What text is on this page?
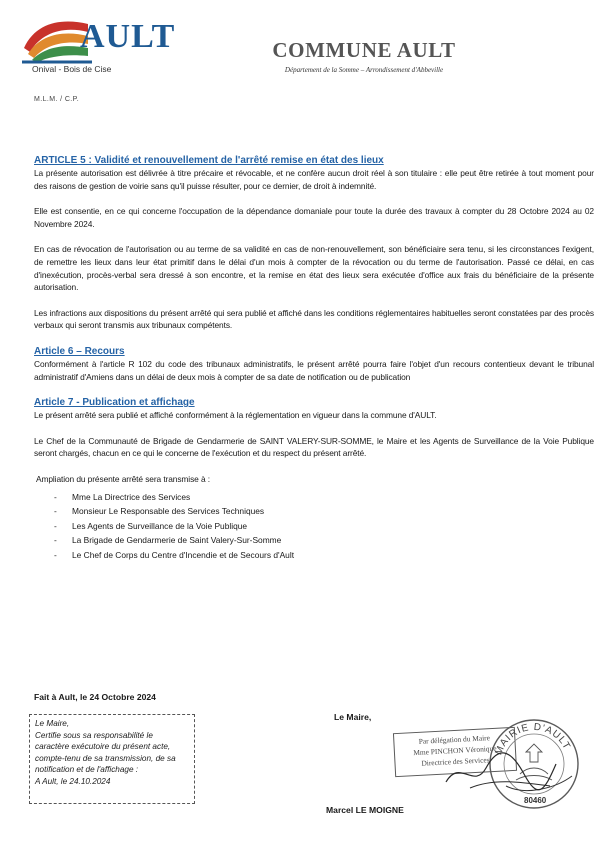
AULT
Onival - Bois de Cise
M.L.M. / C.P.
COMMUNE AULT
Département de la Somme – Arrondissement d'Abbeville
ARTICLE 5 : Validité et renouvellement de l'arrêté remise en état des lieux

La présente autorisation est délivrée à titre précaire et révocable, et ne confère aucun droit réel à son titulaire : elle peut être retirée à tout moment pour des raisons de gestion de voirie sans qu'il puisse résulter, pour ce dernier, de droit à indemnité.

Elle est consentie, en ce qui concerne l'occupation de la dépendance domaniale pour toute la durée des travaux à compter du 28 Octobre 2024 au 02 Novembre 2024.

En cas de révocation de l'autorisation ou au terme de sa validité en cas de non-renouvellement, son bénéficiaire sera tenu, si les circonstances l'exigent, de remettre les lieux dans leur état primitif dans le délai d'un mois à compter de la révocation ou du terme de l'autorisation. Passé ce délai, en cas d'inexécution, procès-verbal sera dressé à son encontre, et la remise en état des lieux sera exécutée d'office aux frais du bénéficiaire de la présente autorisation.

Les infractions aux dispositions du présent arrêté qui sera publié et affiché dans les conditions réglementaires habituelles seront constatées par des procès verbaux qui seront transmis aux tribunaux compétents.

Article 6 – Recours

Conformément à l'article R 102 du code des tribunaux administratifs, le présent arrêté pourra faire l'objet d'un recours contentieux devant le tribunal administratif d'Amiens dans un délai de deux mois à compter de sa date de notification ou de publication

Article 7 - Publication et affichage

Le présent arrêté sera publié et affiché conformément à la réglementation en vigueur dans la commune d'AULT.

Le Chef de la Communauté de Brigade de Gendarmerie de SAINT VALERY-SUR-SOMME, le Maire et les Agents de Surveillance de la Voie Publique seront chargés, chacun en ce qui le concerne de l'exécution et du respect du présent arrêté.

Ampliation du présente arrêté sera transmise à :

- Mme La Directrice des Services
- Monsieur Le Responsable des Services Techniques
- Les Agents de Surveillance de la Voie Publique
- La Brigade de Gendarmerie de Saint Valery-Sur-Somme
- Le Chef de Corps du Centre d'Incendie et de Secours d'Ault
Fait à Ault, le 24 Octobre 2024
Le Maire,
Certifie sous sa responsabilité le
caractère exécutoire du présent acte,
compte-tenu de sa transmission, de sa
notification et de l'affichage :
A Ault, le 24.10.2024
Le Maire,
Par délégation du Maire
Mme PINCHON Véronique
Directrice des Services
MAIRIE D'AULT
80460
Marcel LE MOIGNE
